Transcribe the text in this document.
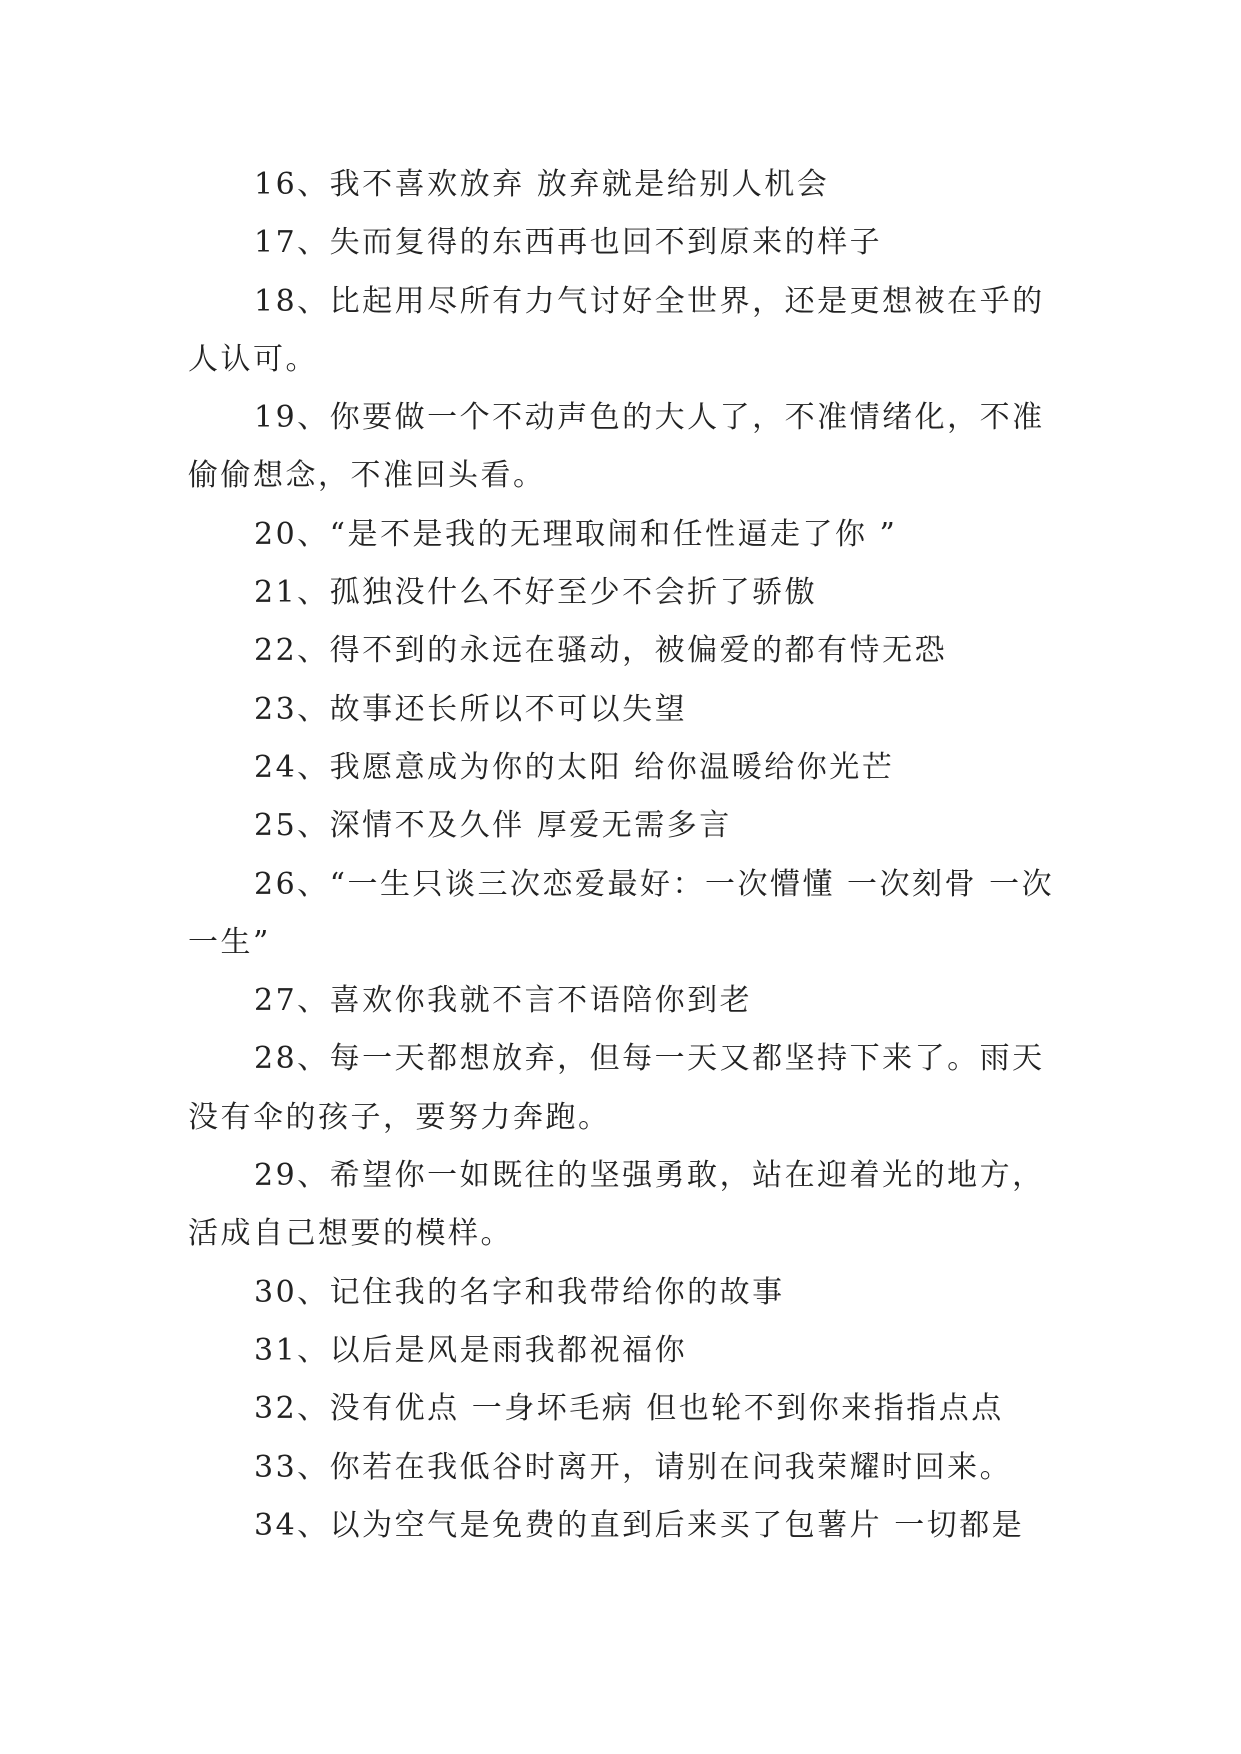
16、我不喜欢放弃 放弃就是给别人机会

17、失而复得的东西再也回不到原来的样子

18、比起用尽所有力气讨好全世界，还是更想被在乎的人认可。

19、你要做一个不动声色的大人了，不准情绪化，不准偷偷想念，不准回头看。

20、“是不是我的无理取闹和任性逼走了你 ”

21、孤独没什么不好至少不会折了骄傲

22、得不到的永远在骚动，被偏爱的都有恃无恐

23、故事还长所以不可以失望

24、我愿意成为你的太阳 给你温暖给你光芒

25、深情不及久伴 厚爱无需多言

26、“一生只谈三次恋爱最好：一次懵懂 一次刻骨 一次一生”

27、喜欢你我就不言不语陪你到老

28、每一天都想放弃，但每一天又都坚持下来了。雨天没有伞的孩子，要努力奔跑。

29、希望你一如既往的坚强勇敢，站在迎着光的地方，活成自己想要的模样。

30、记住我的名字和我带给你的故事

31、以后是风是雨我都祝福你

32、没有优点 一身坏毛病 但也轮不到你来指指点点

33、你若在我低谷时离开，请别在问我荣耀时回来。

34、以为空气是免费的直到后来买了包薯片 一切都是
